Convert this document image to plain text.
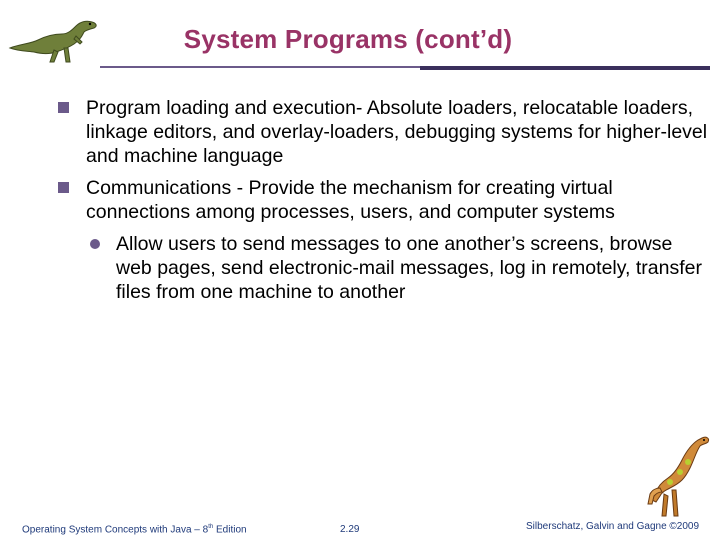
System Programs (cont’d)
Program loading and execution- Absolute loaders, relocatable loaders, linkage editors, and overlay-loaders, debugging systems for higher-level and machine language
Communications - Provide the mechanism for creating virtual connections among processes, users, and computer systems
Allow users to send messages to one another’s screens, browse web pages, send electronic-mail messages, log in remotely, transfer files from one machine to another
Operating System Concepts with Java – 8th Edition	2.29	Silberschatz, Galvin and Gagne ©2009
